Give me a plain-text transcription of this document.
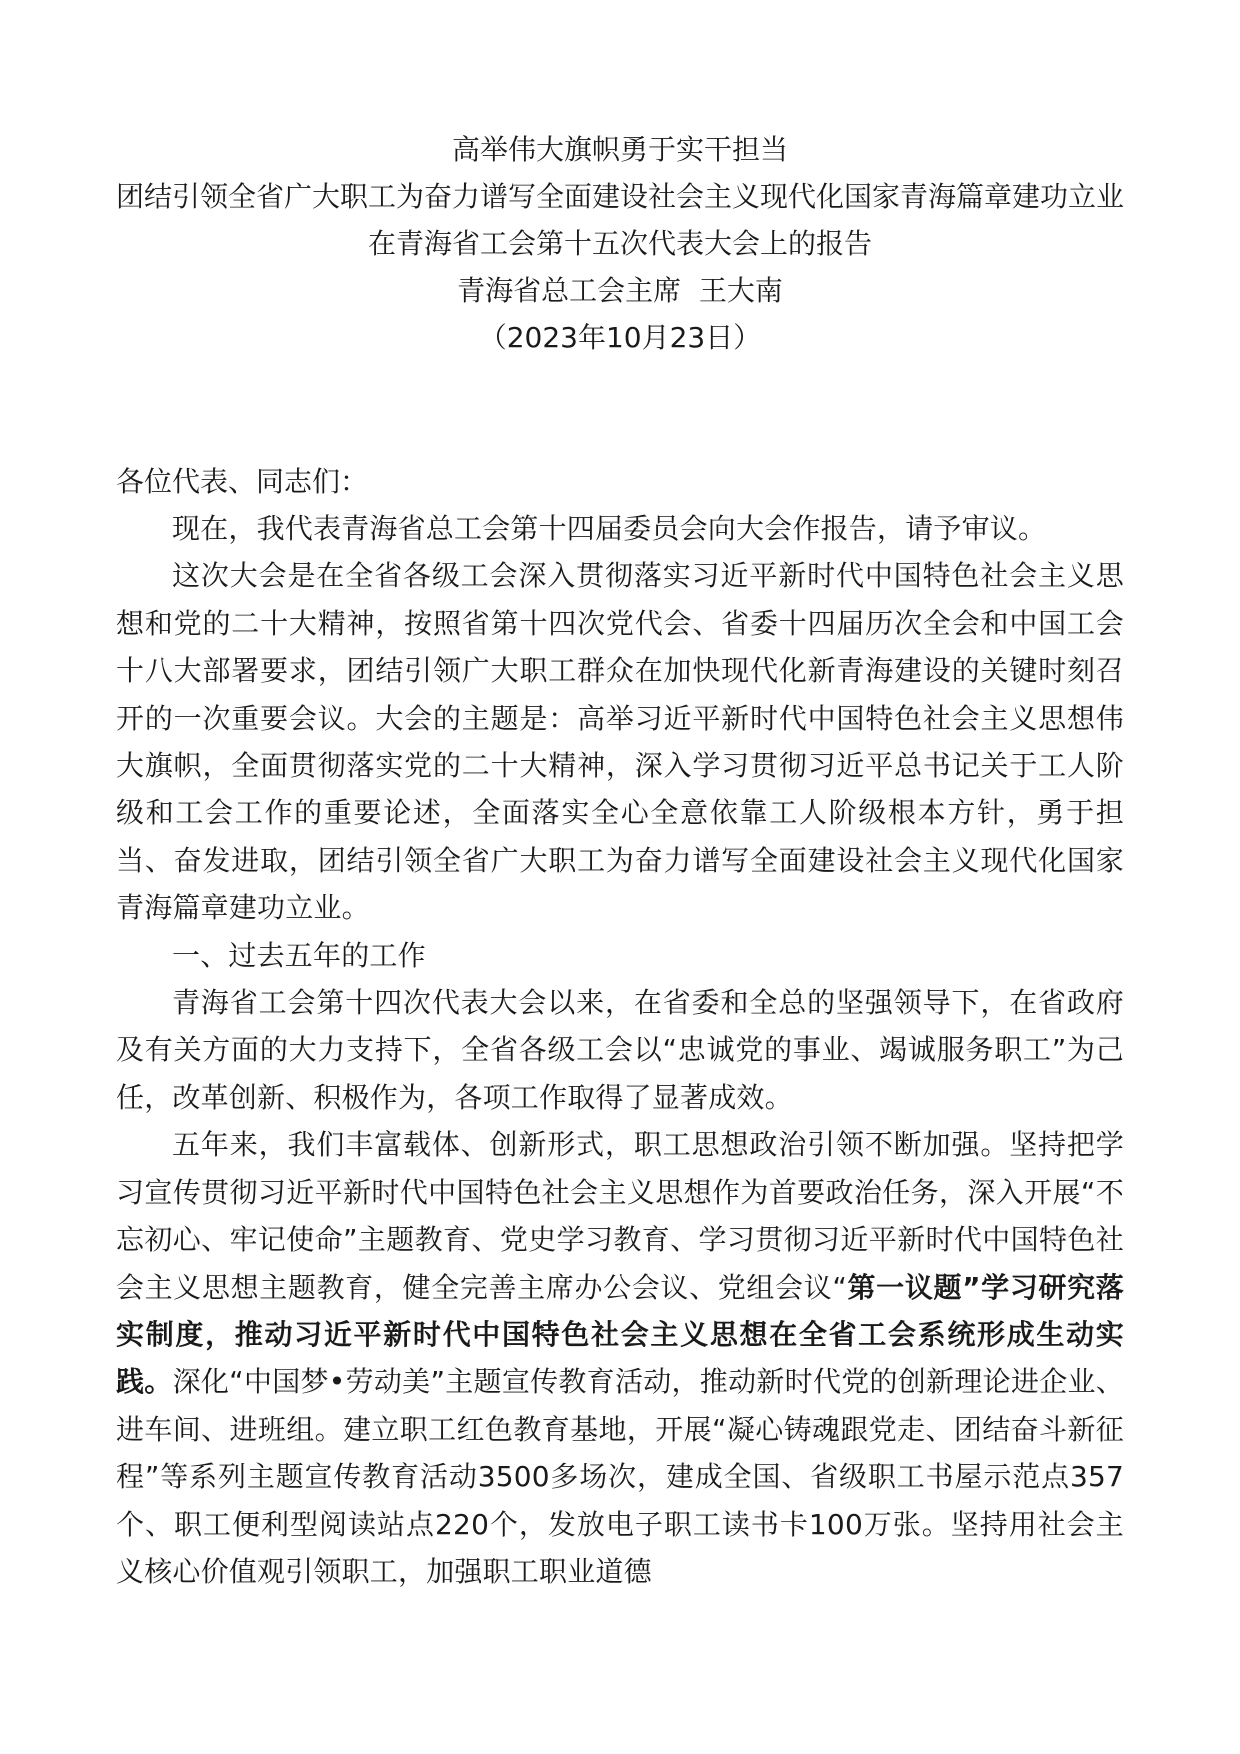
高举伟大旗帜勇于实干担当
团结引领全省广大职工为奋力谱写全面建设社会主义现代化国家青海篇章建功立业
在青海省工会第十五次代表大会上的报告
青海省总工会主席  王大南
（2023年10月23日）

各位代表、同志们：

现在，我代表青海省总工会第十四届委员会向大会作报告，请予审议。

这次大会是在全省各级工会深入贯彻落实习近平新时代中国特色社会主义思想和党的二十大精神，按照省第十四次党代会、省委十四届历次全会和中国工会十八大部署要求，团结引领广大职工群众在加快现代化新青海建设的关键时刻召开的一次重要会议。大会的主题是：高举习近平新时代中国特色社会主义思想伟大旗帜，全面贯彻落实党的二十大精神，深入学习贯彻习近平总书记关于工人阶级和工会工作的重要论述，全面落实全心全意依靠工人阶级根本方针，勇于担当、奋发进取，团结引领全省广大职工为奋力谱写全面建设社会主义现代化国家青海篇章建功立业。

一、过去五年的工作

青海省工会第十四次代表大会以来，在省委和全总的坚强领导下，在省政府及有关方面的大力支持下，全省各级工会以“忠诚党的事业、竭诚服务职工”为己任，改革创新、积极作为，各项工作取得了显著成效。

五年来，我们丰富载体、创新形式，职工思想政治引领不断加强。坚持把学习宣传贯彻习近平新时代中国特色社会主义思想作为首要政治任务，深入开展“不忘初心、牢记使命”主题教育、党史学习教育、学习贯彻习近平新时代中国特色社会主义思想主题教育，健全完善主席办公会议、党组会议“第一议题”学习研究落实制度，推动习近平新时代中国特色社会主义思想在全省工会系统形成生动实践。深化“中国梦•劳动美”主题宣传教育活动，推动新时代党的创新理论进企业、进车间、进班组。建立职工红色教育基地，开展“凝心铸魂跟党走、团结奋斗新征程”等系列主题宣传教育活动3500多场次，建成全国、省级职工书屋示范点357个、职工便利型阅读站点220个，发放电子职工读书卡100万张。坚持用社会主义核心价值观引领职工，加强职工职业道德
